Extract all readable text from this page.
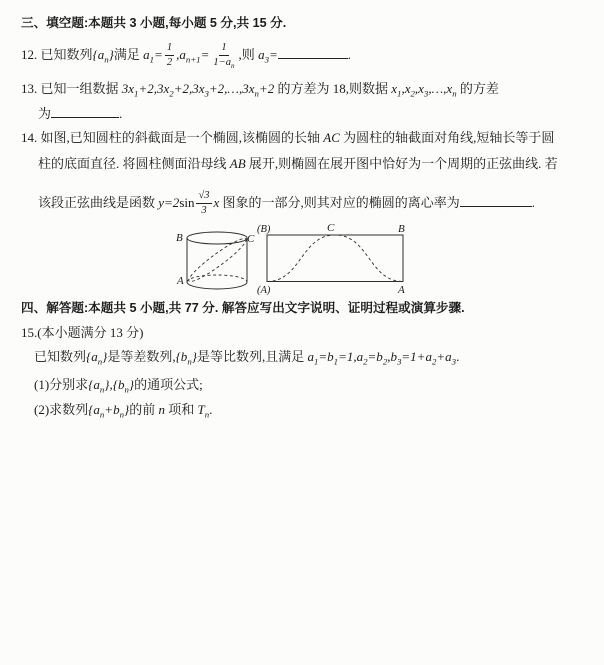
三、填空题:本题共 3 小题,每小题 5 分,共 15 分.
12. 已知数列$\{a_n\}$满足 $a_1= \frac{1}{2} ,a_{n+1}= \frac{1}{1-a_n}$ ,则 $a_3=$	.
13. 已知一组数据 $3x_1+2,3x_2+2,3x_3+2,\dots,3x_n+2$ 的方差为 18,则数据 $x_1,x_2,x_3,\dots,x_n$ 的方差
为	.
14. 如图,已知圆柱的斜截面是一个椭圆,该椭圆的长轴 AC 为圆柱的轴截面对角线,短轴长等于圆
柱的底面直径. 将圆柱侧面沿母线 AB 展开,则椭圆在展开图中恰好为一个周期的正弦曲线. 若
该段正弦曲线是函数 $y=2\sin \frac{√3}{3}$ x 图象的一部分,则其对应的椭圆的离心率为	.
B	C
A
(B)	C	B
(A)	A
四、解答题:本题共 5 小题,共 77 分. 解答应写出文字说明、证明过程或演算步骤.
15.(本小题满分 13 分)
已知数列$\{a_n\}$是等差数列$,\{b_n\}$是等比数列,且满足 $a_1=b_1=1,a_2=b_2,b_3=1+a_2+a_3$.
(1)分别求$\{a_n\},\{b_n\}$的通项公式;
(2)求数列$\{a_n+b_n\}$的前 n 项和 $T_n$.
